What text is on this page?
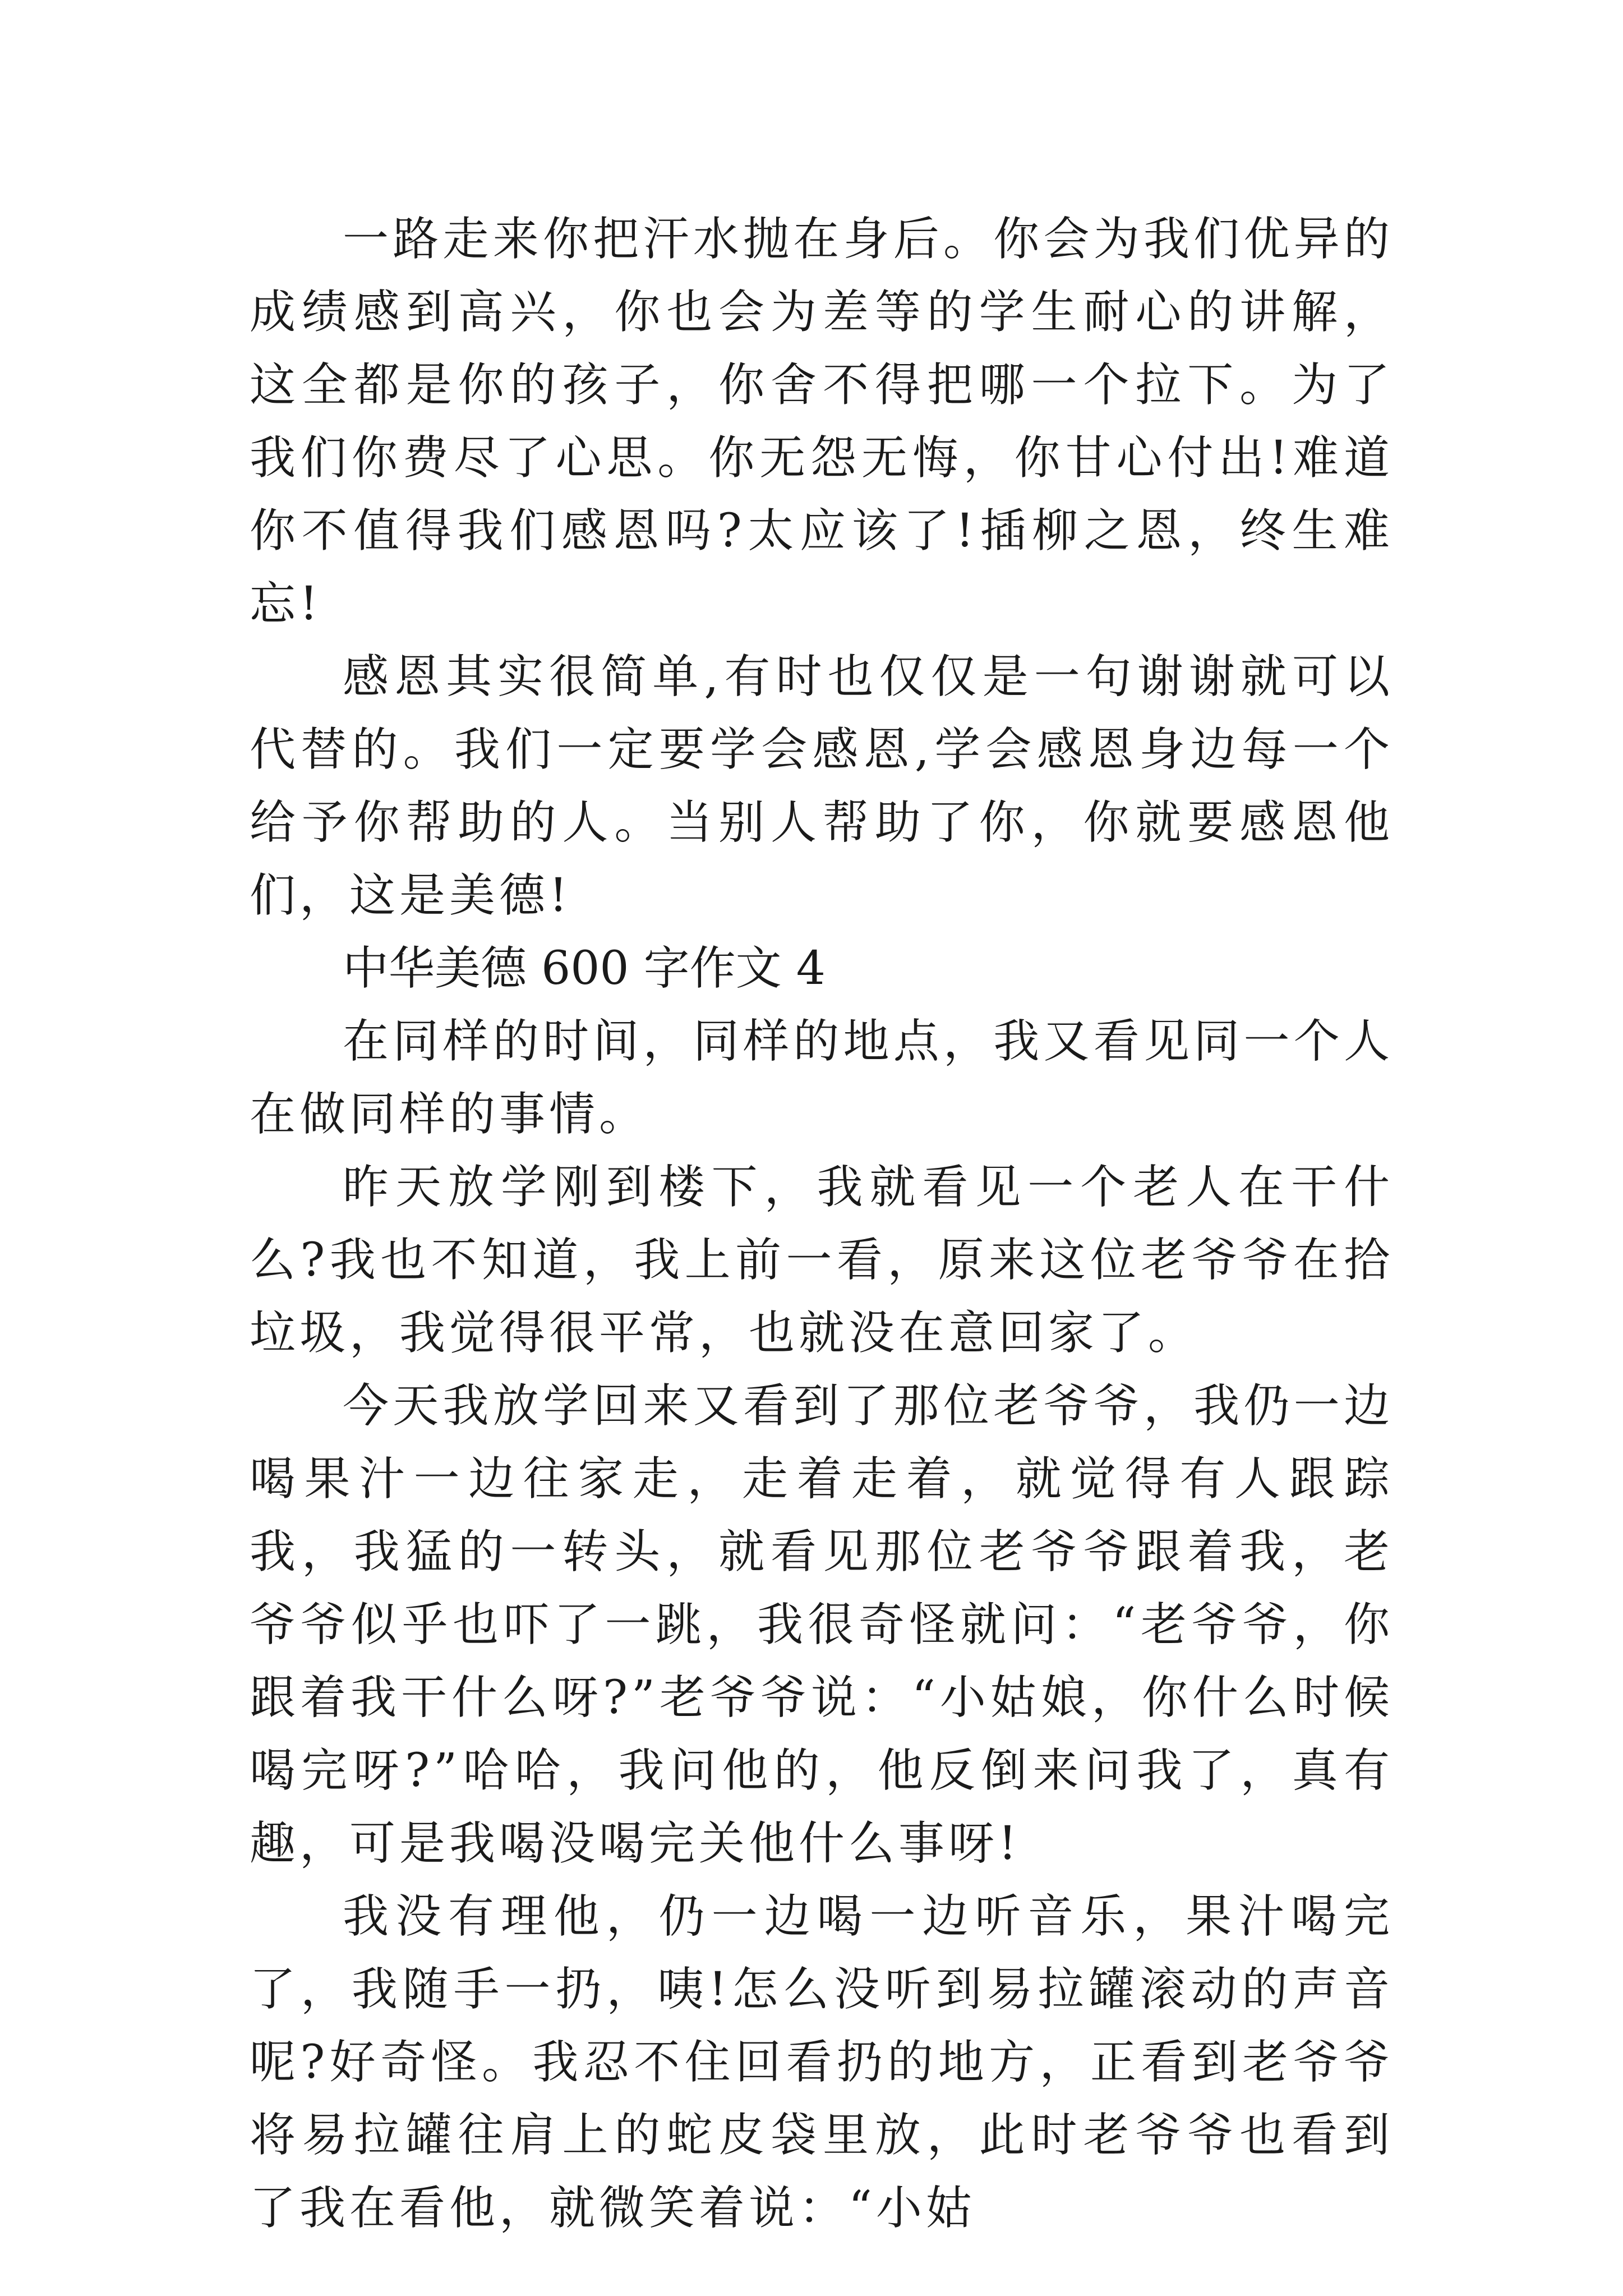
一路走来你把汗水抛在身后。你会为我们优异的成绩感到高兴，你也会为差等的学生耐心的讲解，这全都是你的孩子，你舍不得把哪一个拉下。为了我们你费尽了心思。你无怨无悔，你甘心付出!难道你不值得我们感恩吗?太应该了!插柳之恩，终生难忘!

感恩其实很简单,有时也仅仅是一句谢谢就可以代替的。我们一定要学会感恩,学会感恩身边每一个给予你帮助的人。当别人帮助了你，你就要感恩他们，这是美德!

中华美德 600 字作文 4

在同样的时间，同样的地点，我又看见同一个人在做同样的事情。

昨天放学刚到楼下，我就看见一个老人在干什么?我也不知道，我上前一看，原来这位老爷爷在拾垃圾，我觉得很平常，也就没在意回家了。

今天我放学回来又看到了那位老爷爷，我仍一边喝果汁一边往家走，走着走着，就觉得有人跟踪我，我猛的一转头，就看见那位老爷爷跟着我，老爷爷似乎也吓了一跳，我很奇怪就问：“老爷爷，你跟着我干什么呀?”老爷爷说：“小姑娘，你什么时候喝完呀?”哈哈，我问他的，他反倒来问我了，真有趣，可是我喝没喝完关他什么事呀!

我没有理他，仍一边喝一边听音乐，果汁喝完了，我随手一扔，咦!怎么没听到易拉罐滚动的声音呢?好奇怪。我忍不住回看扔的地方，正看到老爷爷将易拉罐往肩上的蛇皮袋里放，此时老爷爷也看到了我在看他，就微笑着说：“小姑
